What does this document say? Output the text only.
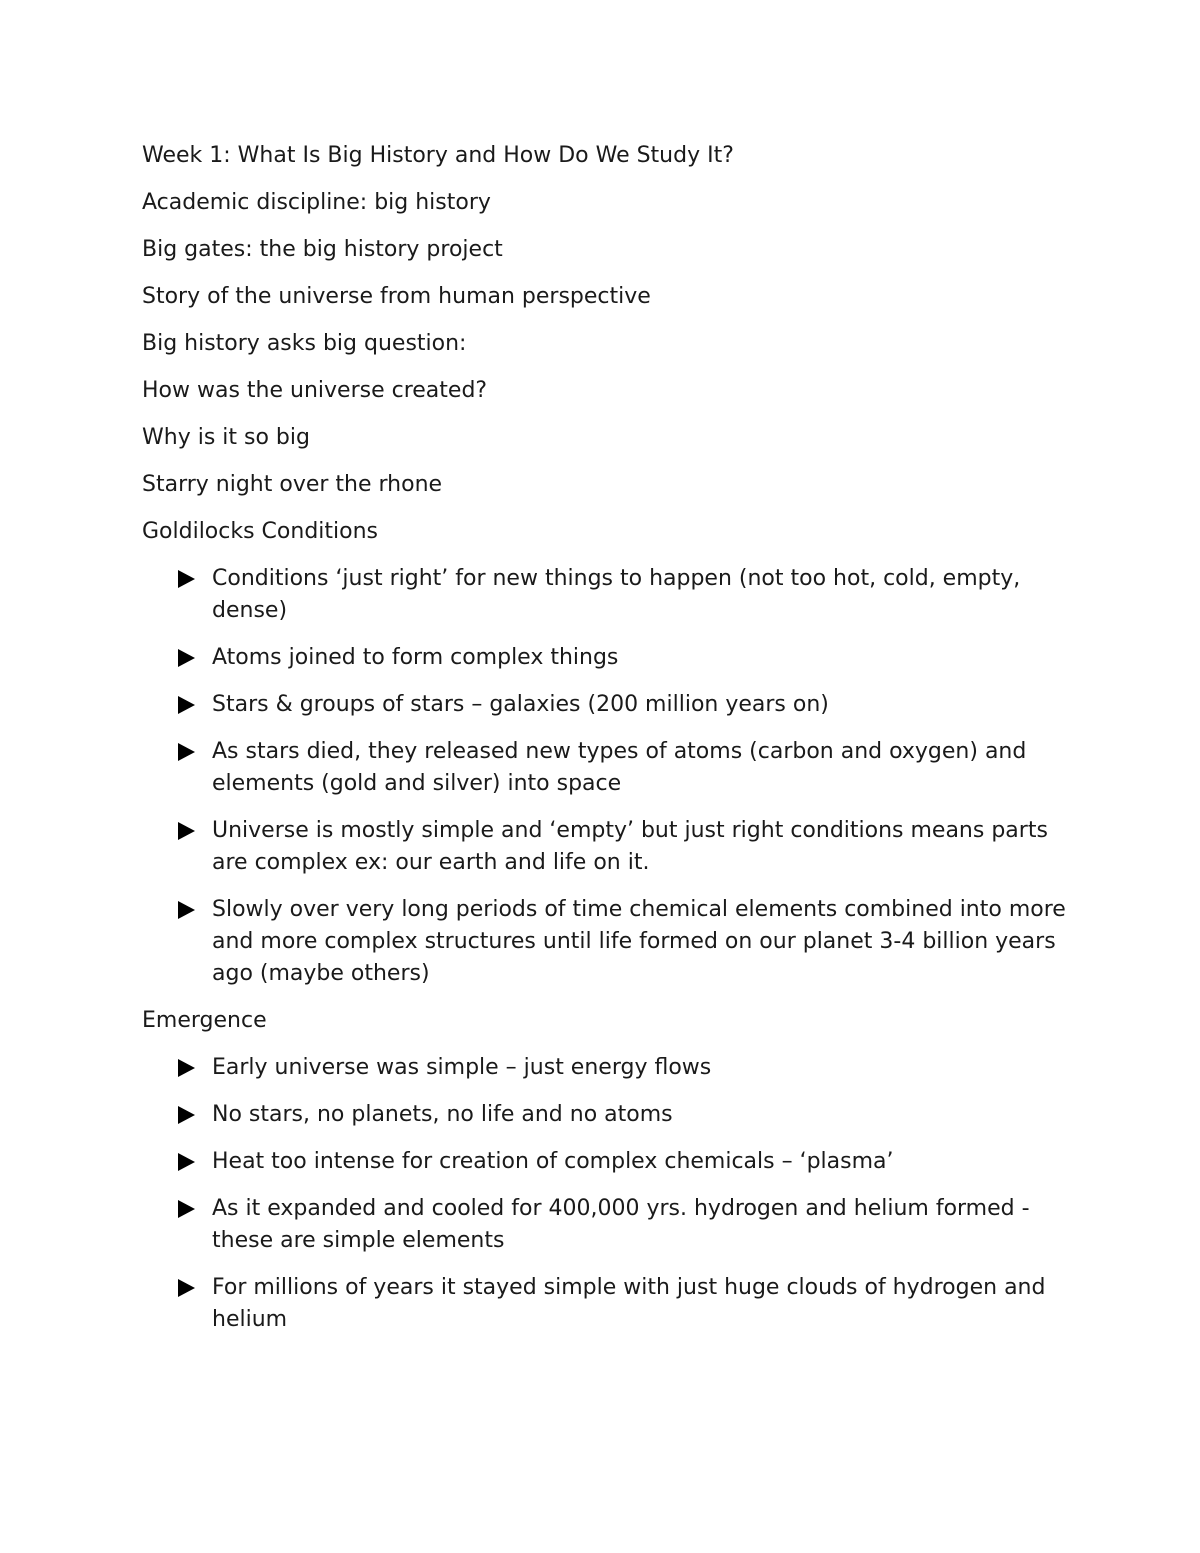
Week 1: What Is Big History and How Do We Study It?

Academic discipline: big history

Big gates: the big history project

Story of the universe from human perspective

Big history asks big question:

How was the universe created?

Why is it so big

Starry night over the rhone

Goldilocks Conditions

Conditions ‘just right’ for new things to happen (not too hot, cold, empty, dense)
Atoms joined to form complex things
Stars & groups of stars – galaxies (200 million years on)
As stars died, they released new types of atoms (carbon and oxygen) and elements (gold and silver) into space
Universe is mostly simple and ‘empty’ but just right conditions means parts are complex ex: our earth and life on it.
Slowly over very long periods of time chemical elements combined into more and more complex structures until life formed on our planet 3-4 billion years ago (maybe others)

Emergence

Early universe was simple – just energy flows
No stars, no planets, no life and no atoms
Heat too intense for creation of complex chemicals – ‘plasma’
As it expanded and cooled for 400,000 yrs. hydrogen and helium formed - these are simple elements
For millions of years it stayed simple with just huge clouds of hydrogen and helium
